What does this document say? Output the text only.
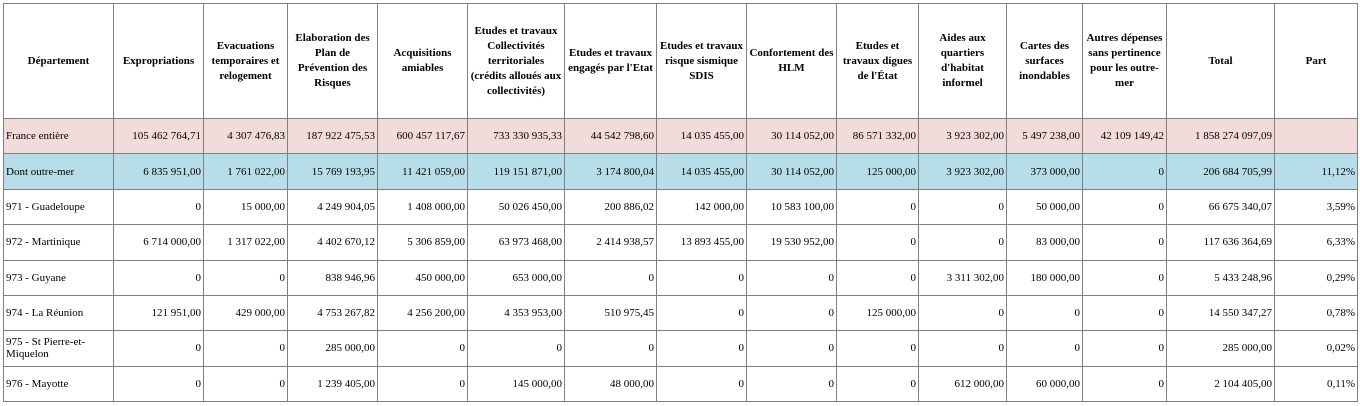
Département	Expropriations	Evacuations temporaires et relogement	Elaboration des Plan de Prévention des Risques	Acquisitions amiables	Etudes et travaux Collectivités territoriales (crédits alloués aux collectivités)	Etudes et travaux engagés par l'Etat	Etudes et travaux risque sismique SDIS	Confortement des HLM	Etudes et travaux digues de l'État	Aides aux quartiers d'habitat informel	Cartes des surfaces inondables	Autres dépenses sans pertinence pour les outre-mer	Total	Part
France entière	105 462 764,71	4 307 476,83	187 922 475,53	600 457 117,67	733 330 935,33	44 542 798,60	14 035 455,00	30 114 052,00	86 571 332,00	3 923 302,00	5 497 238,00	42 109 149,42	1 858 274 097,09	
Dont outre-mer	6 835 951,00	1 761 022,00	15 769 193,95	11 421 059,00	119 151 871,00	3 174 800,04	14 035 455,00	30 114 052,00	125 000,00	3 923 302,00	373 000,00	0	206 684 705,99	11,12%
971 - Guadeloupe	0	15 000,00	4 249 904,05	1 408 000,00	50 026 450,00	200 886,02	142 000,00	10 583 100,00	0	0	50 000,00	0	66 675 340,07	3,59%
972 - Martinique	6 714 000,00	1 317 022,00	4 402 670,12	5 306 859,00	63 973 468,00	2 414 938,57	13 893 455,00	19 530 952,00	0	0	83 000,00	0	117 636 364,69	6,33%
973 - Guyane	0	0	838 946,96	450 000,00	653 000,00	0	0	0	0	3 311 302,00	180 000,00	0	5 433 248,96	0,29%
974 - La Réunion	121 951,00	429 000,00	4 753 267,82	4 256 200,00	4 353 953,00	510 975,45	0	0	125 000,00	0	0	0	14 550 347,27	0,78%
975 - St Pierre-et-Miquelon	0	0	285 000,00	0	0	0	0	0	0	0	0	0	285 000,00	0,02%
976 - Mayotte	0	0	1 239 405,00	0	145 000,00	48 000,00	0	0	0	612 000,00	60 000,00	0	2 104 405,00	0,11%
